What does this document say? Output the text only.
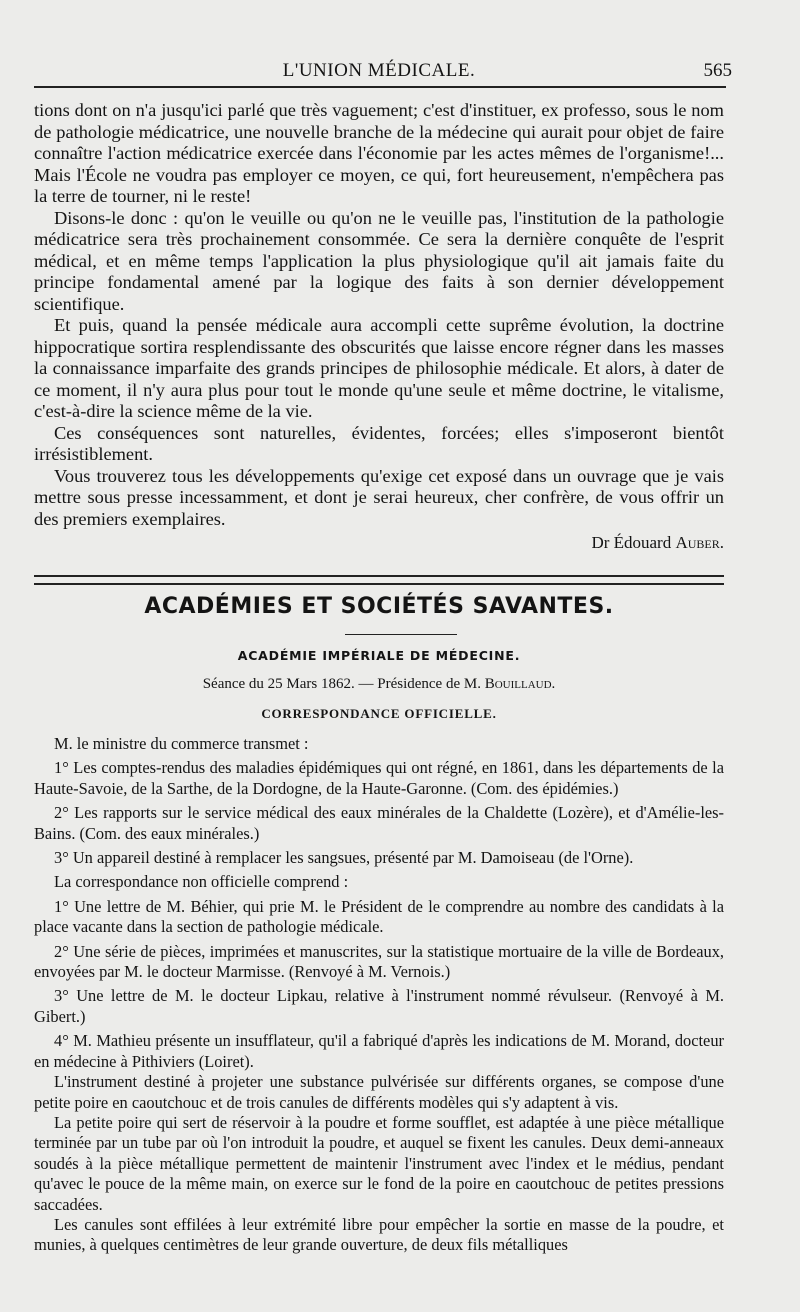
L'UNION MÉDICALE.	565

tions dont on n'a jusqu'ici parlé que très vaguement; c'est d'instituer, ex professo, sous le nom de pathologie médicatrice, une nouvelle branche de la médecine qui aurait pour objet de faire connaître l'action médicatrice exercée dans l'économie par les actes mêmes de l'organisme!... Mais l'École ne voudra pas employer ce moyen, ce qui, fort heureusement, n'empêchera pas la terre de tourner, ni le reste!

Disons-le donc : qu'on le veuille ou qu'on ne le veuille pas, l'institution de la pathologie médicatrice sera très prochainement consommée. Ce sera la dernière conquête de l'esprit médical, et en même temps l'application la plus physiologique qu'il ait jamais faite du principe fondamental amené par la logique des faits à son dernier développement scientifique.

Et puis, quand la pensée médicale aura accompli cette suprême évolution, la doctrine hippocratique sortira resplendissante des obscurités que laisse encore régner dans les masses la connaissance imparfaite des grands principes de philosophie médicale. Et alors, à dater de ce moment, il n'y aura plus pour tout le monde qu'une seule et même doctrine, le vitalisme, c'est-à-dire la science même de la vie.

Ces conséquences sont naturelles, évidentes, forcées; elles s'imposeront bientôt irrésistiblement.

Vous trouverez tous les développements qu'exige cet exposé dans un ouvrage que je vais mettre sous presse incessamment, et dont je serai heureux, cher confrère, de vous offrir un des premiers exemplaires.

Dr Édouard Auber.

ACADÉMIES ET SOCIÉTÉS SAVANTES.
ACADÉMIE IMPÉRIALE DE MÉDECINE.
Séance du 25 Mars 1862. — Présidence de M. Bouillaud.
CORRESPONDANCE OFFICIELLE.

M. le ministre du commerce transmet :

1° Les comptes-rendus des maladies épidémiques qui ont régné, en 1861, dans les départements de la Haute-Savoie, de la Sarthe, de la Dordogne, de la Haute-Garonne. (Com. des épidémies.)

2° Les rapports sur le service médical des eaux minérales de la Chaldette (Lozère), et d'Amélie-les-Bains. (Com. des eaux minérales.)

3° Un appareil destiné à remplacer les sangsues, présenté par M. Damoiseau (de l'Orne).

La correspondance non officielle comprend :

1° Une lettre de M. Béhier, qui prie M. le Président de le comprendre au nombre des candidats à la place vacante dans la section de pathologie médicale.

2° Une série de pièces, imprimées et manuscrites, sur la statistique mortuaire de la ville de Bordeaux, envoyées par M. le docteur Marmisse. (Renvoyé à M. Vernois.)

3° Une lettre de M. le docteur Lipkau, relative à l'instrument nommé révulseur. (Renvoyé à M. Gibert.)

4° M. Mathieu présente un insufflateur, qu'il a fabriqué d'après les indications de M. Morand, docteur en médecine à Pithiviers (Loiret).

L'instrument destiné à projeter une substance pulvérisée sur différents organes, se compose d'une petite poire en caoutchouc et de trois canules de différents modèles qui s'y adaptent à vis.

La petite poire qui sert de réservoir à la poudre et forme soufflet, est adaptée à une pièce métallique terminée par un tube par où l'on introduit la poudre, et auquel se fixent les canules. Deux demi-anneaux soudés à la pièce métallique permettent de maintenir l'instrument avec l'index et le médius, pendant qu'avec le pouce de la même main, on exerce sur le fond de la poire en caoutchouc de petites pressions saccadées.

Les canules sont effilées à leur extrémité libre pour empêcher la sortie en masse de la poudre, et munies, à quelques centimètres de leur grande ouverture, de deux fils métalliques
